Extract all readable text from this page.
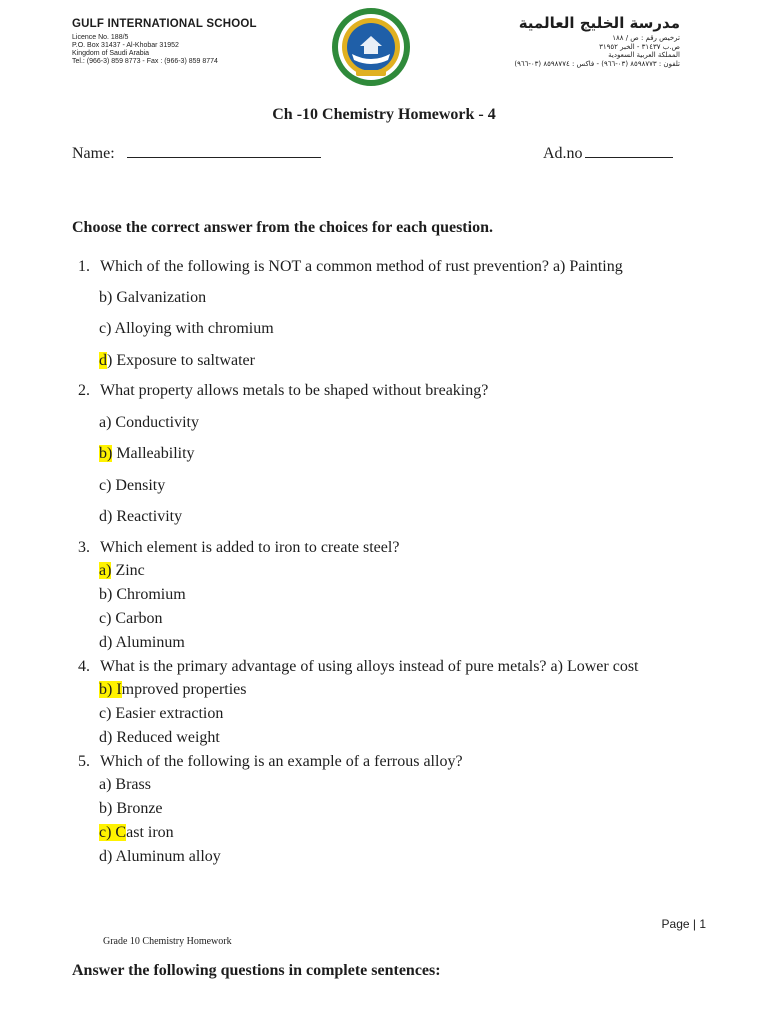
GULF INTERNATIONAL SCHOOL
Licence No. 188/5
P.O. Box 31437 - Al-Khobar 31952
Kingdom of Saudi Arabia
Tel.: (966-3) 859 8773 - Fax : (966-3) 859 8774
مدرسة الخليج العالمية
ترخيص رقم : ص / ١٨٨
ص.ب ٣١٤٣٧ - الخبر ٣١٩٥٢
المملكة العربية السعودية
تلفون : ٨٥٩٨٧٧٣ (٠٣-٩٦٦) - فاكس : ٨٥٩٨٧٧٤ (٠٣-٩٦٦)
Ch -10 Chemistry Homework - 4
Name:	Ad.no
Choose the correct answer from the choices for each question.
1. Which of the following is NOT a common method of rust prevention? a) Painting
b) Galvanization
c) Alloying with chromium
d) Exposure to saltwater
2. What property allows metals to be shaped without breaking?
a) Conductivity
b) Malleability
c) Density
d) Reactivity
3. Which element is added to iron to create steel?
a) Zinc
b) Chromium
c) Carbon
d) Aluminum
4. What is the primary advantage of using alloys instead of pure metals? a) Lower cost
b) Improved properties
c) Easier extraction
d) Reduced weight
5. Which of the following is an example of a ferrous alloy?
a) Brass
b) Bronze
c) Cast iron
d) Aluminum alloy
Page | 1
Grade 10 Chemistry Homework
Answer the following questions in complete sentences:
